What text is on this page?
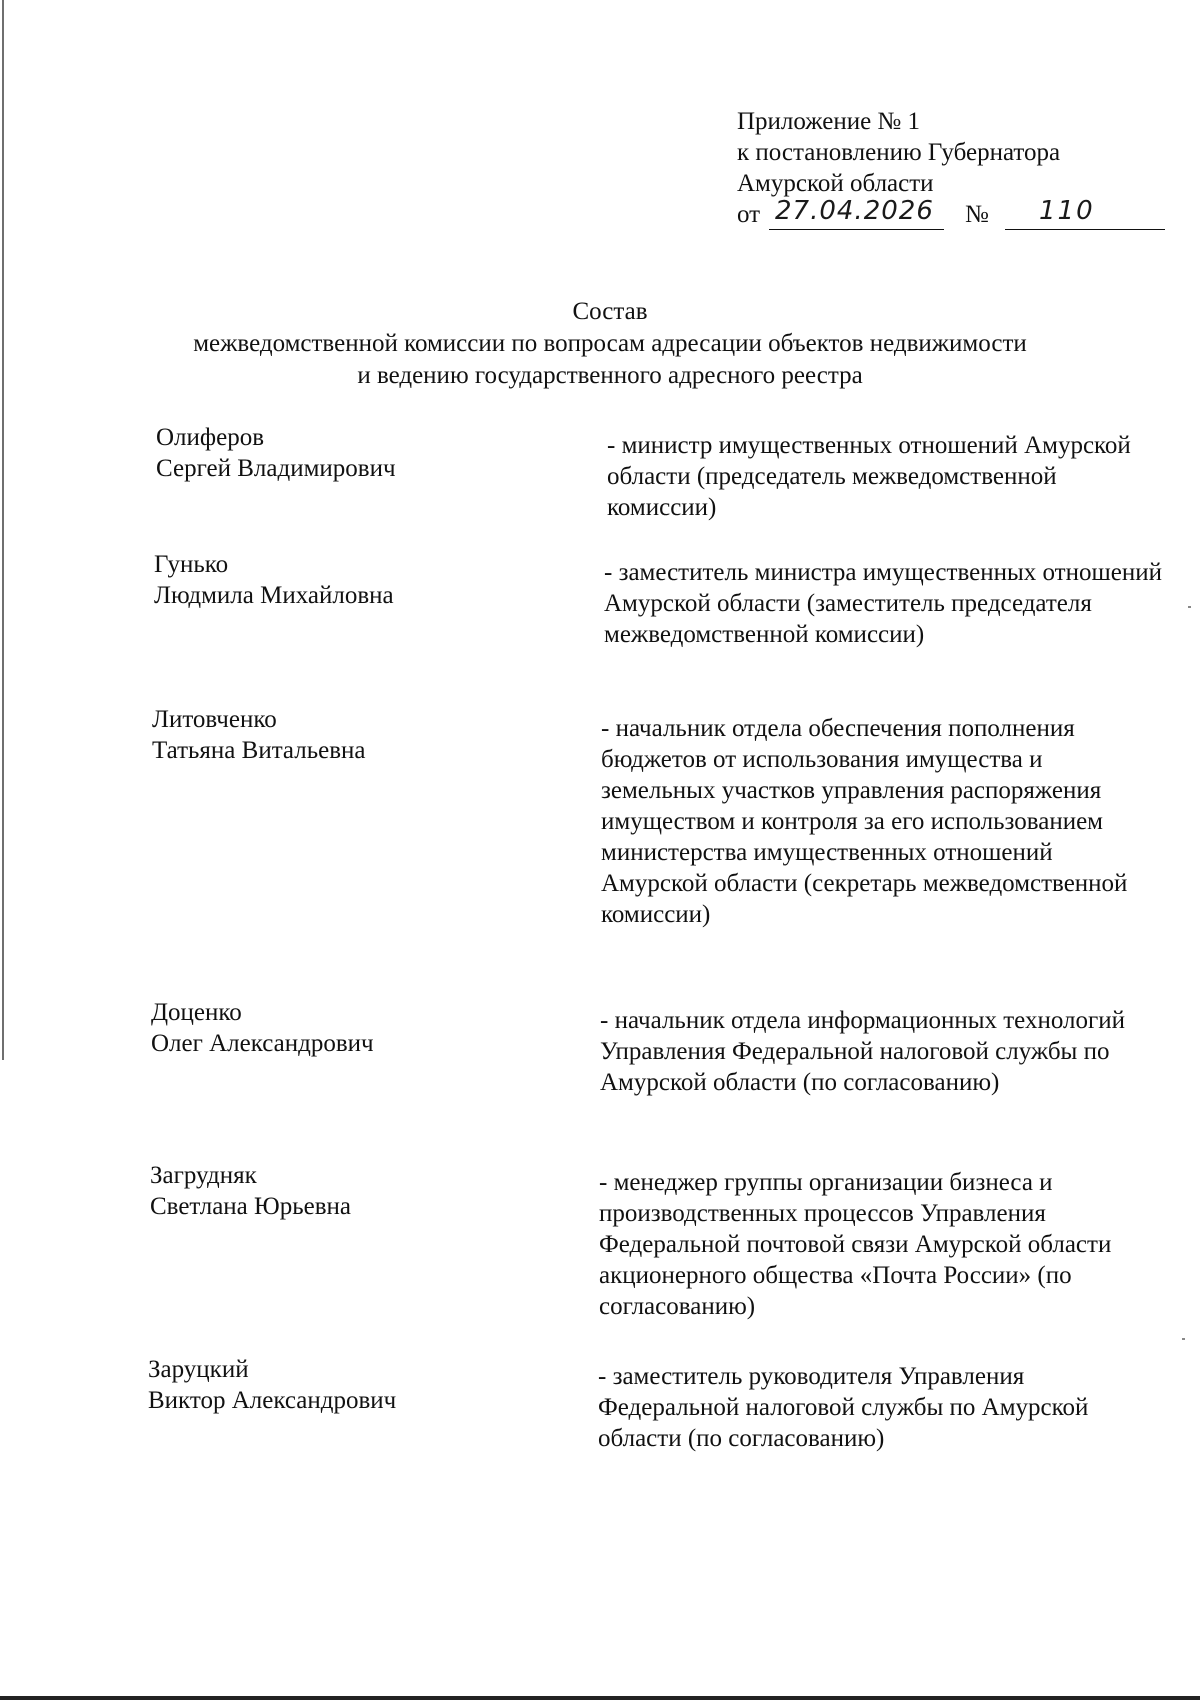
Приложение № 1
к постановлению Губернатора
Амурской области
от 27.04.2026	№	110
Состав
межведомственной комиссии по вопросам адресации объектов недвижимости
и ведению государственного адресного реестра
Олиферов
Сергей Владимирович
- министр имущественных отношений Амурской области (председатель межведомственной комиссии)
Гунько
Людмила Михайловна
- заместитель министра имущественных отношений Амурской области (заместитель председателя межведомственной комиссии)
Литовченко
Татьяна Витальевна
- начальник отдела обеспечения пополнения бюджетов от использования имущества и земельных участков управления распоряжения имуществом и контроля за его использованием министерства имущественных отношений Амурской области (секретарь межведомственной комиссии)
Доценко
Олег Александрович
- начальник отдела информационных технологий Управления Федеральной налоговой службы по Амурской области (по согласованию)
Загрудняк
Светлана Юрьевна
- менеджер группы организации бизнеса и производственных процессов Управления Федеральной почтовой связи Амурской области акционерного общества «Почта России» (по согласованию)
Заруцкий
Виктор Александрович
- заместитель руководителя Управления Федеральной налоговой службы по Амурской области (по согласованию)
